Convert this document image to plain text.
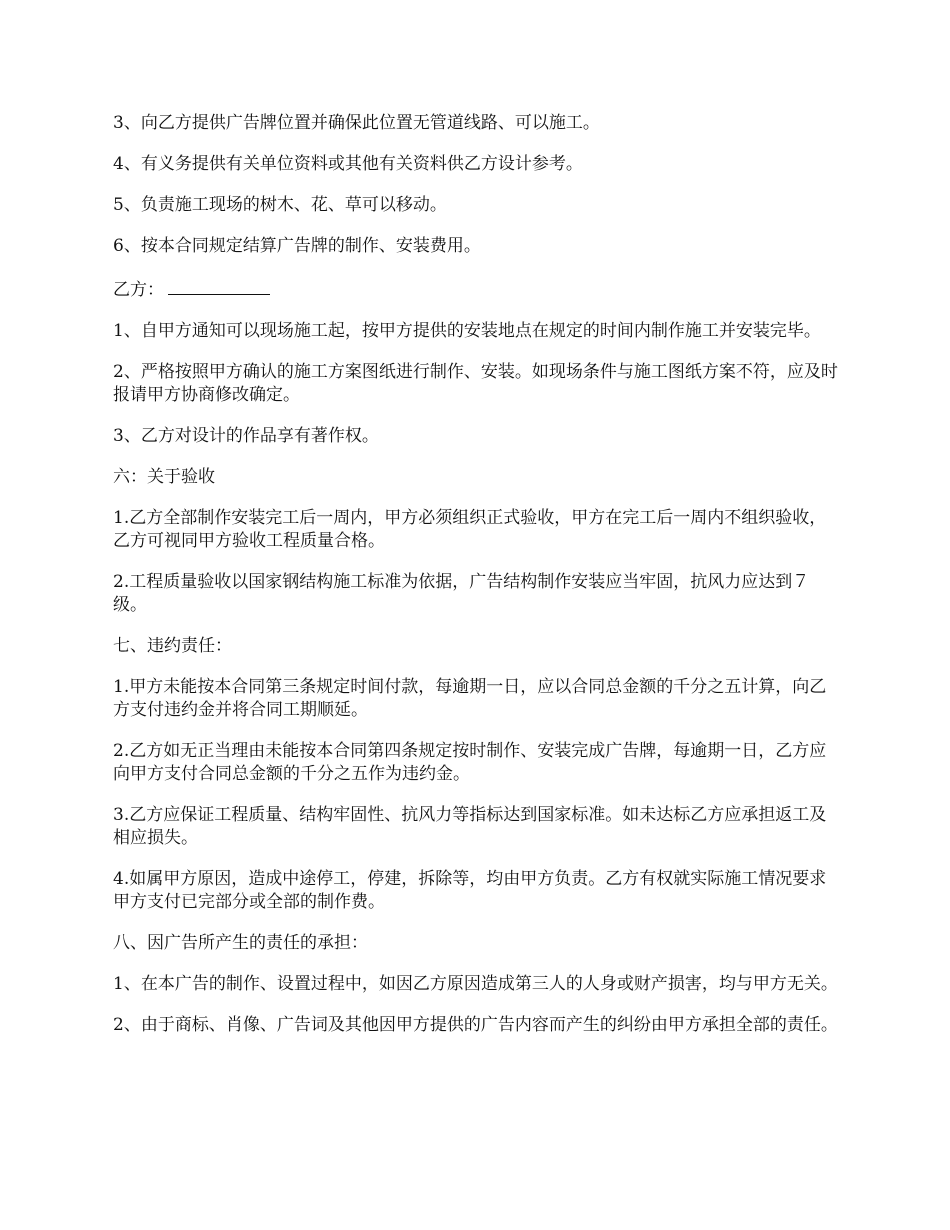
3、向乙方提供广告牌位置并确保此位置无管道线路、可以施工。

4、有义务提供有关单位资料或其他有关资料供乙方设计参考。

5、负责施工现场的树木、花、草可以移动。

6、按本合同规定结算广告牌的制作、安装费用。

乙方：

1、自甲方通知可以现场施工起，按甲方提供的安装地点在规定的时间内制作施工并安装完毕。

2、严格按照甲方确认的施工方案图纸进行制作、安装。如现场条件与施工图纸方案不符，应及时报请甲方协商修改确定。

3、乙方对设计的作品享有著作权。

六：关于验收

1.乙方全部制作安装完工后一周内，甲方必须组织正式验收，甲方在完工后一周内不组织验收，乙方可视同甲方验收工程质量合格。

2.工程质量验收以国家钢结构施工标准为依据，广告结构制作安装应当牢固，抗风力应达到７级。

七、违约责任：

1.甲方未能按本合同第三条规定时间付款，每逾期一日，应以合同总金额的千分之五计算，向乙方支付违约金并将合同工期顺延。

2.乙方如无正当理由未能按本合同第四条规定按时制作、安装完成广告牌，每逾期一日，乙方应向甲方支付合同总金额的千分之五作为违约金。

3.乙方应保证工程质量、结构牢固性、抗风力等指标达到国家标准。如未达标乙方应承担返工及相应损失。

4.如属甲方原因，造成中途停工，停建，拆除等，均由甲方负责。乙方有权就实际施工情况要求甲方支付已完部分或全部的制作费。

八、因广告所产生的责任的承担：

1、在本广告的制作、设置过程中，如因乙方原因造成第三人的人身或财产损害，均与甲方无关。

2、由于商标、肖像、广告词及其他因甲方提供的广告内容而产生的纠纷由甲方承担全部的责任。
